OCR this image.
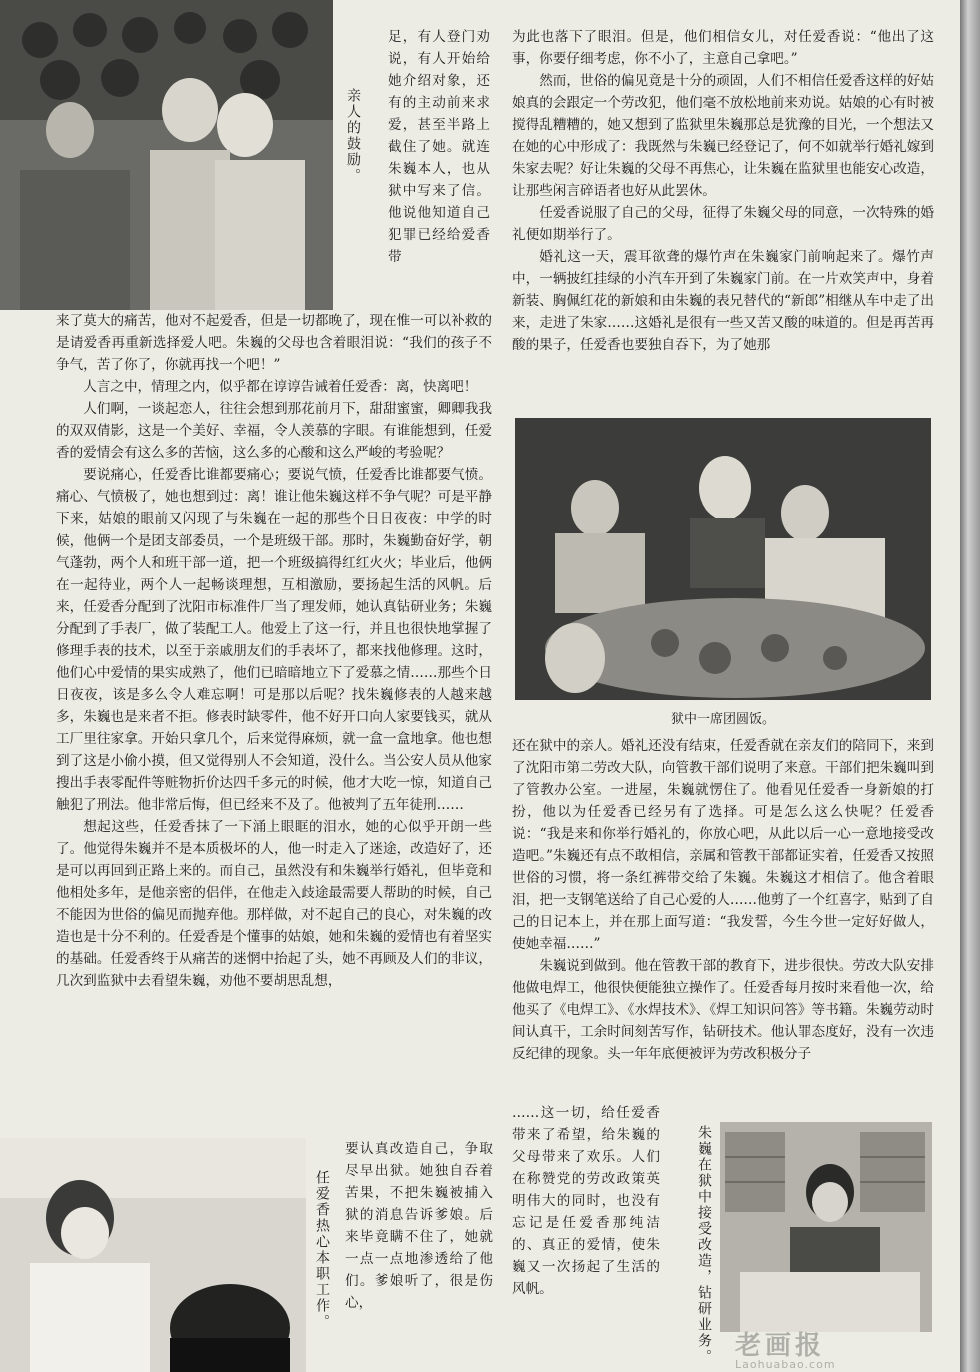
亲人的鼓励。

足，有人登门劝说，有人开始给她介绍对象，还有的主动前来求爱，甚至半路上截住了她。就连朱巍本人，也从狱中写来了信。他说他知道自己犯罪已经给爱香带

来了莫大的痛苦，他对不起爱香，但是一切都晚了，现在惟一可以补救的是请爱香再重新选择爱人吧。朱巍的父母也含着眼泪说：“我们的孩子不争气，苦了你了，你就再找一个吧！”

人言之中，情理之内，似乎都在谆谆告诫着任爱香：离，快离吧！

人们啊，一谈起恋人，往往会想到那花前月下，甜甜蜜蜜，卿卿我我的双双倩影，这是一个美好、幸福，令人羡慕的字眼。有谁能想到，任爱香的爱情会有这么多的苦恼，这么多的心酸和这么严峻的考验呢？

要说痛心，任爱香比谁都要痛心；要说气愤，任爱香比谁都要气愤。痛心、气愤极了，她也想到过：离！谁让他朱巍这样不争气呢？可是平静下来，姑娘的眼前又闪现了与朱巍在一起的那些个日日夜夜：中学的时候，他俩一个是团支部委员，一个是班级干部。那时，朱巍勤奋好学，朝气蓬勃，两个人和班干部一道，把一个班级搞得红红火火；毕业后，他俩在一起待业，两个人一起畅谈理想，互相激励，要扬起生活的风帆。后来，任爱香分配到了沈阳市标准件厂当了理发师，她认真钻研业务；朱巍分配到了手表厂，做了装配工人。他爱上了这一行，并且也很快地掌握了修理手表的技术，以至于亲戚朋友们的手表坏了，都来找他修理。这时，他们心中爱情的果实成熟了，他们已暗暗地立下了爱慕之情……那些个日日夜夜，该是多么令人难忘啊！可是那以后呢？找朱巍修表的人越来越多，朱巍也是来者不拒。修表时缺零件，他不好开口向人家要钱买，就从工厂里往家拿。开始只拿几个，后来觉得麻烦，就一盒一盒地拿。他也想到了这是小偷小摸，但又觉得别人不会知道，没什么。当公安人员从他家搜出手表零配件等赃物折价达四千多元的时候，他才大吃一惊，知道自己触犯了刑法。他非常后悔，但已经来不及了。他被判了五年徒刑……

想起这些，任爱香抹了一下涌上眼眶的泪水，她的心似乎开朗一些了。他觉得朱巍并不是本质极坏的人，他一时走入了迷途，改造好了，还是可以再回到正路上来的。而自己，虽然没有和朱巍举行婚礼，但毕竟和他相处多年，是他亲密的侣伴，在他走入歧途最需要人帮助的时候，自己不能因为世俗的偏见而抛弃他。那样做，对不起自己的良心，对朱巍的改造也是十分不利的。任爱香是个懂事的姑娘，她和朱巍的爱情也有着坚实的基础。任爱香终于从痛苦的迷惘中抬起了头，她不再顾及人们的非议，几次到监狱中去看望朱巍，劝他不要胡思乱想，

为此也落下了眼泪。但是，他们相信女儿，对任爱香说：“他出了这事，你要仔细考虑，你不小了，主意自己拿吧。”

然而，世俗的偏见竟是十分的顽固，人们不相信任爱香这样的好姑娘真的会跟定一个劳改犯，他们毫不放松地前来劝说。姑娘的心有时被搅得乱糟糟的，她又想到了监狱里朱巍那总是犹豫的目光，一个想法又在她的心中形成了：我既然与朱巍已经登记了，何不如就举行婚礼嫁到朱家去呢？好让朱巍的父母不再焦心，让朱巍在监狱里也能安心改造，让那些闲言碎语者也好从此罢休。

任爱香说服了自己的父母，征得了朱巍父母的同意，一次特殊的婚礼便如期举行了。

婚礼这一天，震耳欲聋的爆竹声在朱巍家门前响起来了。爆竹声中，一辆披红挂绿的小汽车开到了朱巍家门前。在一片欢笑声中，身着新装、胸佩红花的新娘和由朱巍的表兄替代的“新郎”相继从车中走了出来，走进了朱家……这婚礼是很有一些又苦又酸的味道的。但是再苦再酸的果子，任爱香也要独自吞下，为了她那

狱中一席团圆饭。

还在狱中的亲人。婚礼还没有结束，任爱香就在亲友们的陪同下，来到了沈阳市第二劳改大队，向管教干部们说明了来意。干部们把朱巍叫到了管教办公室。一进屋，朱巍就愣住了。他看见任爱香一身新娘的打扮，他以为任爱香已经另有了选择。可是怎么这么快呢？任爱香说：“我是来和你举行婚礼的，你放心吧，从此以后一心一意地接受改造吧。”朱巍还有点不敢相信，亲属和管教干部都证实着，任爱香又按照世俗的习惯，将一条红裤带交给了朱巍。朱巍这才相信了。他含着眼泪，把一支钢笔送给了自己心爱的人……他剪了一个红喜字，贴到了自己的日记本上，并在那上面写道：“我发誓，今生今世一定好好做人，使她幸福……”

朱巍说到做到。他在管教干部的教育下，进步很快。劳改大队安排他做电焊工，他很快便能独立操作了。任爱香每月按时来看他一次，给他买了《电焊工》、《水焊技术》、《焊工知识问答》等书籍。朱巍劳动时间认真干，工余时间刻苦写作，钻研技术。他认罪态度好，没有一次违反纪律的现象。头一年年底便被评为劳改积极分子

任爱香热心本职工作。

要认真改造自己，争取尽早出狱。她独自吞着苦果，不把朱巍被捕入狱的消息告诉爹娘。后来毕竟瞒不住了，她就一点一点地渗透给了他们。爹娘听了，很是伤心，

……这一切，给任爱香带来了希望，给朱巍的父母带来了欢乐。人们在称赞党的劳改政策英明伟大的同时，也没有忘记是任爱香那纯洁的、真正的爱情，使朱巍又一次扬起了生活的风帆。	朱巍在狱中接受改造，钻研业务。 老画报
Laohuabao.com
